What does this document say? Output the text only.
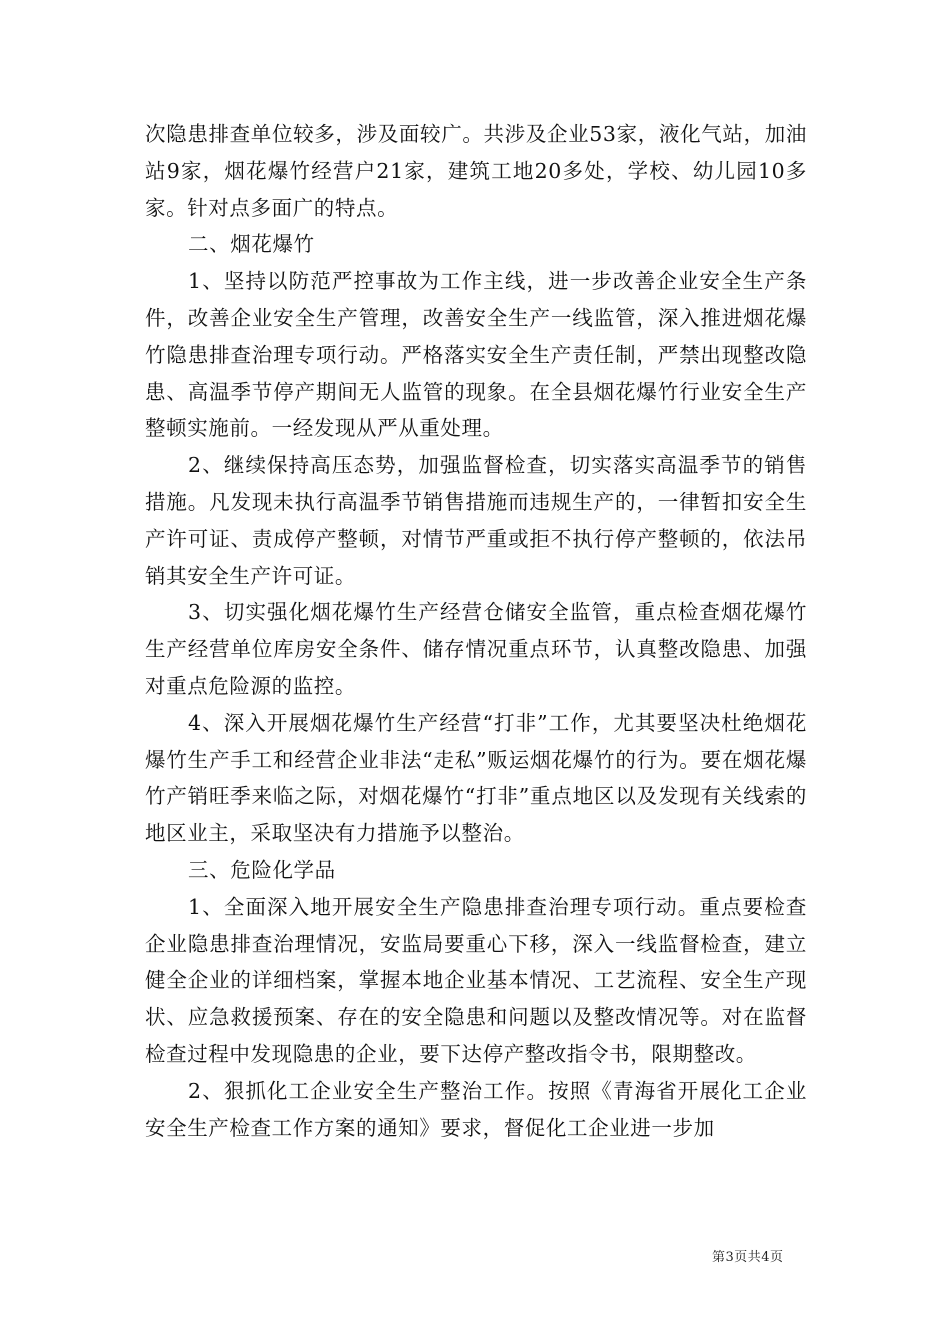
次隐患排查单位较多，涉及面较广。共涉及企业53家，液化气站，加油站9家，烟花爆竹经营户21家，建筑工地20多处，学校、幼儿园10多家。针对点多面广的特点。

二、烟花爆竹

1、坚持以防范严控事故为工作主线，进一步改善企业安全生产条件，改善企业安全生产管理，改善安全生产一线监管，深入推进烟花爆竹隐患排查治理专项行动。严格落实安全生产责任制，严禁出现整改隐患、高温季节停产期间无人监管的现象。在全县烟花爆竹行业安全生产整顿实施前。一经发现从严从重处理。

2、继续保持高压态势，加强监督检查，切实落实高温季节的销售措施。凡发现未执行高温季节销售措施而违规生产的，一律暂扣安全生产许可证、责成停产整顿，对情节严重或拒不执行停产整顿的，依法吊销其安全生产许可证。

3、切实强化烟花爆竹生产经营仓储安全监管，重点检查烟花爆竹生产经营单位库房安全条件、储存情况重点环节，认真整改隐患、加强对重点危险源的监控。

4、深入开展烟花爆竹生产经营“打非”工作，尤其要坚决杜绝烟花爆竹生产手工和经营企业非法“走私”贩运烟花爆竹的行为。要在烟花爆竹产销旺季来临之际，对烟花爆竹“打非”重点地区以及发现有关线索的地区业主，采取坚决有力措施予以整治。

三、危险化学品

1、全面深入地开展安全生产隐患排查治理专项行动。重点要检查企业隐患排查治理情况，安监局要重心下移，深入一线监督检查，建立健全企业的详细档案，掌握本地企业基本情况、工艺流程、安全生产现状、应急救援预案、存在的安全隐患和问题以及整改情况等。对在监督检查过程中发现隐患的企业，要下达停产整改指令书，限期整改。

2、狠抓化工企业安全生产整治工作。按照《青海省开展化工企业安全生产检查工作方案的通知》要求，督促化工企业进一步加

第3页共4页
